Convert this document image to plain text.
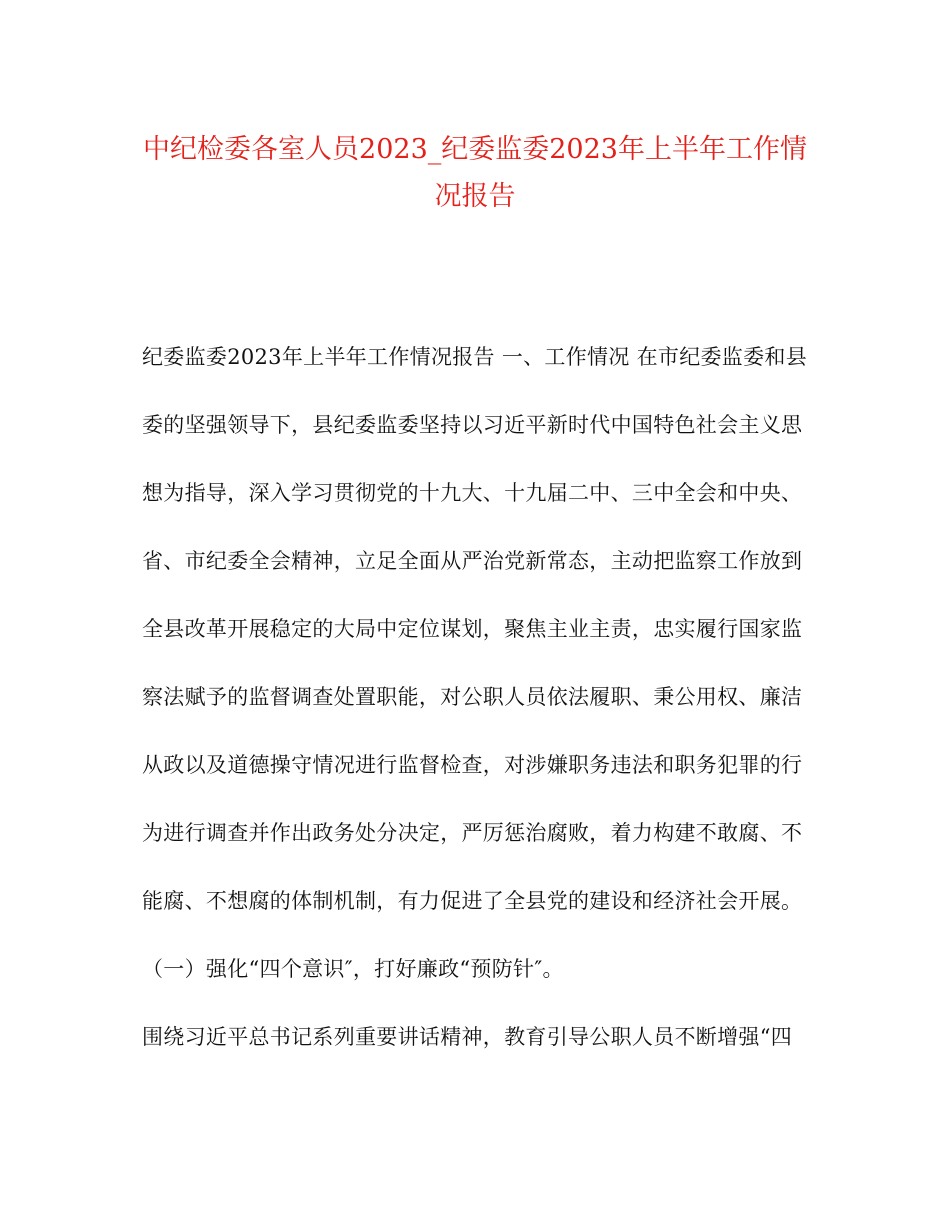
中纪检委各室人员2023_纪委监委2023年上半年工作情
况报告

纪委监委2023年上半年工作情况报告 一、工作情况 在市纪委监委和县

委的坚强领导下，县纪委监委坚持以习近平新时代中国特色社会主义思

想为指导，深入学习贯彻党的十九大、十九届二中、三中全会和中央、

省、市纪委全会精神，立足全面从严治党新常态，主动把监察工作放到

全县改革开展稳定的大局中定位谋划，聚焦主业主责，忠实履行国家监

察法赋予的监督调查处置职能，对公职人员依法履职、秉公用权、廉洁

从政以及道德操守情况进行监督检查，对涉嫌职务违法和职务犯罪的行

为进行调查并作出政务处分决定，严厉惩治腐败，着力构建不敢腐、不

能腐、不想腐的体制机制，有力促进了全县党的建设和经济社会开展。

（一）强化“四个意识″，打好廉政“预防针″。

围绕习近平总书记系列重要讲话精神，教育引导公职人员不断增强“四
